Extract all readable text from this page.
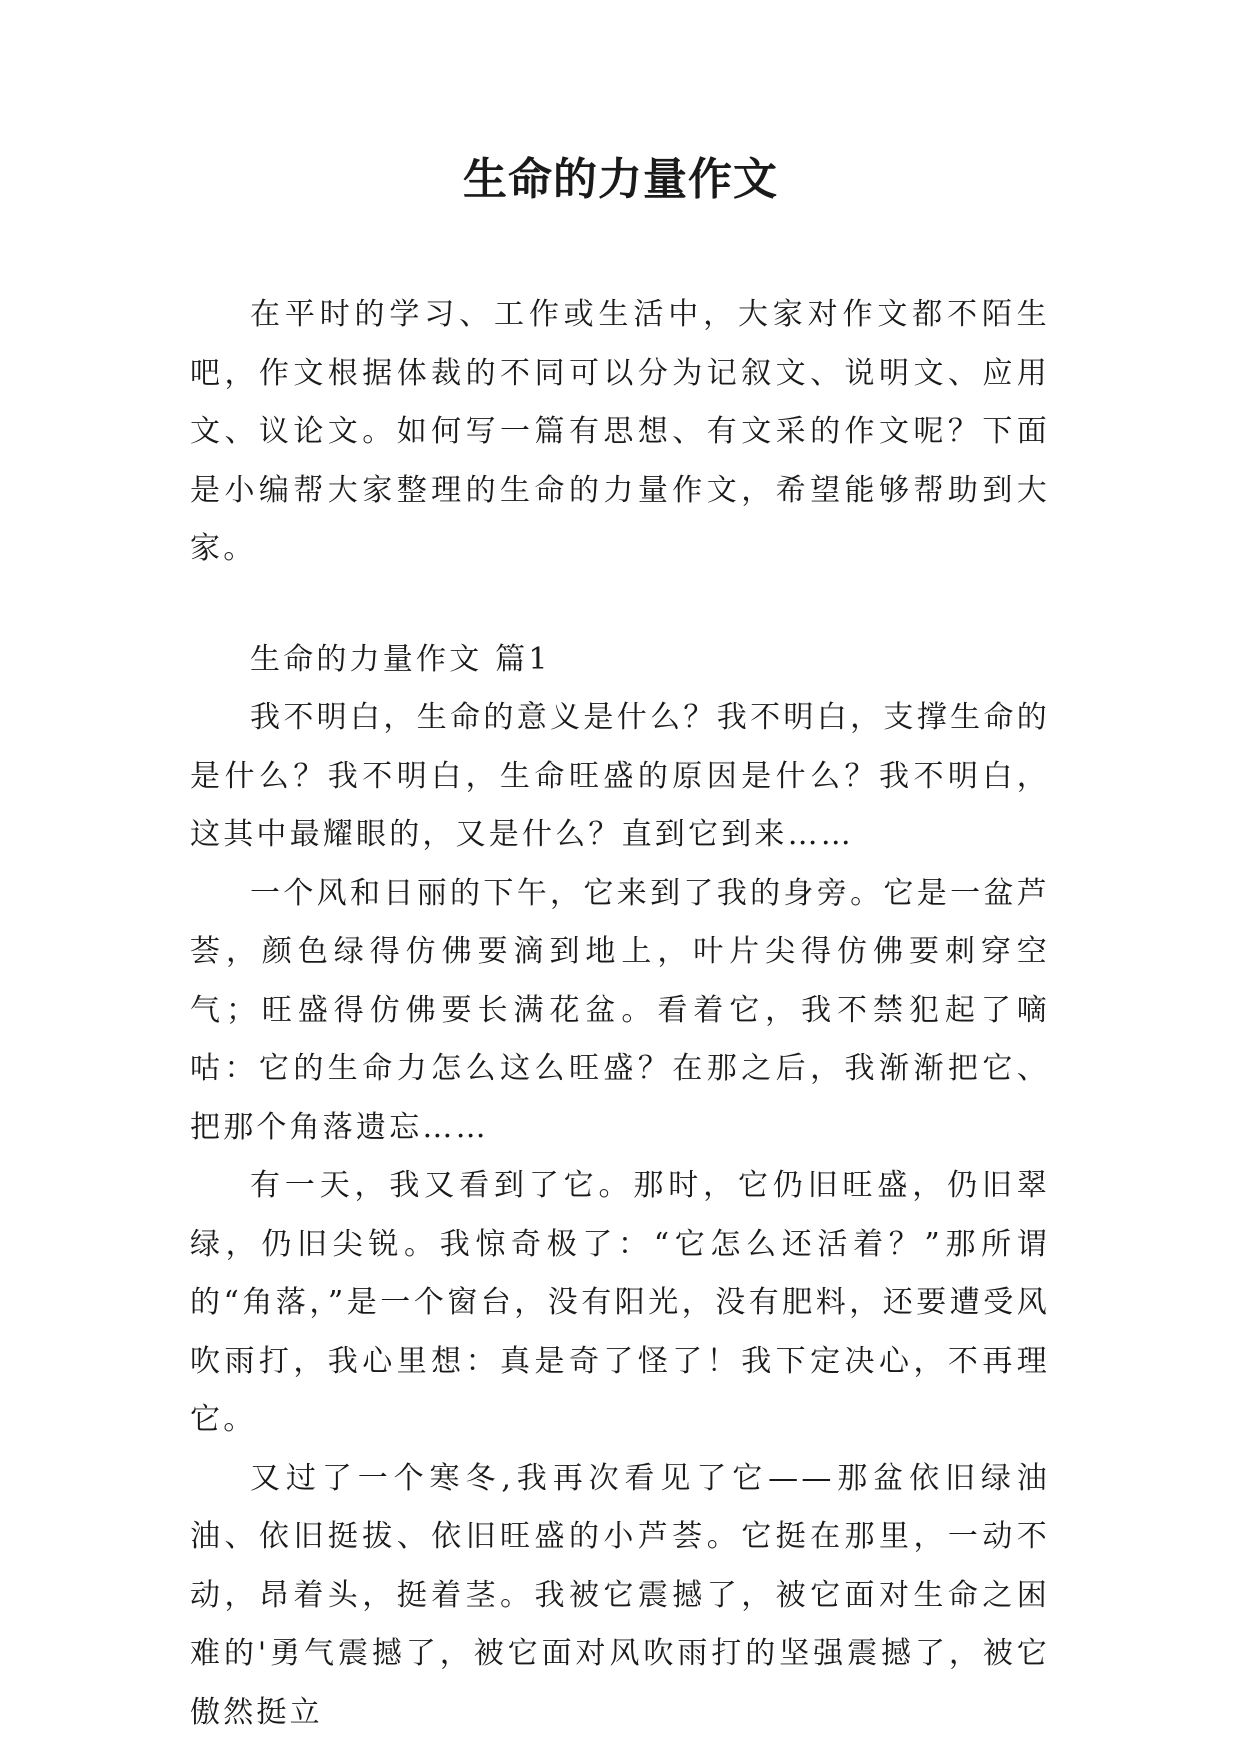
生命的力量作文

在平时的学习、工作或生活中，大家对作文都不陌生吧，作文根据体裁的不同可以分为记叙文、说明文、应用文、议论文。如何写一篇有思想、有文采的作文呢？下面是小编帮大家整理的生命的力量作文，希望能够帮助到大家。

生命的力量作文 篇1

我不明白，生命的意义是什么？我不明白，支撑生命的是什么？我不明白，生命旺盛的原因是什么？我不明白，这其中最耀眼的，又是什么？直到它到来……

一个风和日丽的下午，它来到了我的身旁。它是一盆芦荟，颜色绿得仿佛要滴到地上，叶片尖得仿佛要刺穿空气；旺盛得仿佛要长满花盆。看着它，我不禁犯起了嘀咕：它的生命力怎么这么旺盛？在那之后，我渐渐把它、把那个角落遗忘……

有一天，我又看到了它。那时，它仍旧旺盛，仍旧翠绿，仍旧尖锐。我惊奇极了：“它怎么还活着？”那所谓的“角落，”是一个窗台，没有阳光，没有肥料，还要遭受风吹雨打，我心里想：真是奇了怪了！我下定决心，不再理它。

又过了一个寒冬,我再次看见了它——那盆依旧绿油油、依旧挺拔、依旧旺盛的小芦荟。它挺在那里，一动不动，昂着头，挺着茎。我被它震撼了，被它面对生命之困难的'勇气震撼了，被它面对风吹雨打的坚强震撼了，被它傲然挺立
